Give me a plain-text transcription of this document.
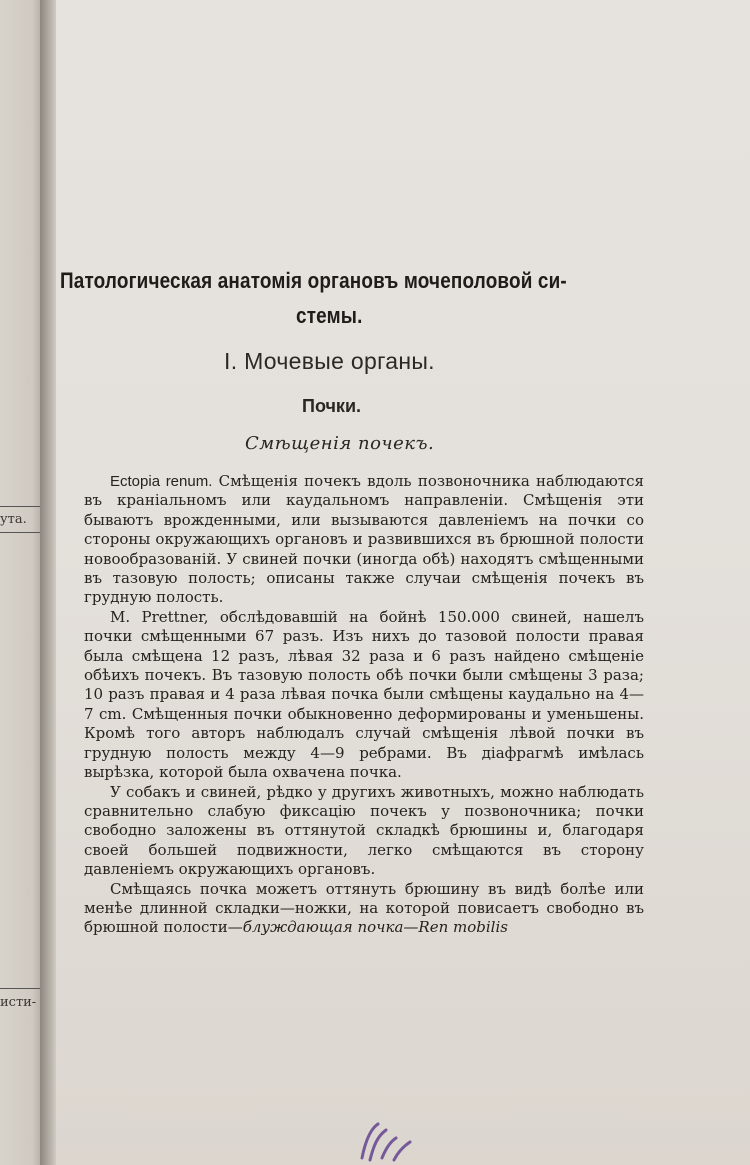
ута.
исти-
Патологическая анатомія органовъ мочеполовой си-
стемы.
I. Мочевые органы.
Почки.
Смѣщенія почекъ.

Ectopia renum. Смѣщенія почекъ вдоль позвоночника наблюдаются въ краніальномъ или каудальномъ направленіи. Смѣщенія эти бываютъ врожденными, или вызываются давленіемъ на почки со стороны окружающихъ органовъ и развившихся въ брюшной полости новообразованій. У свиней почки (иногда обѣ) находятъ смѣщенными въ тазовую полость; описаны также случаи смѣщенія почекъ въ грудную полость.

M. Prettner, обслѣдовавшій на бойнѣ 150.000 свиней, нашелъ почки смѣщенными 67 разъ. Изъ нихъ до тазовой полости правая была смѣщена 12 разъ, лѣвая 32 раза и 6 разъ найдено смѣщеніе обѣихъ почекъ. Въ тазовую полость обѣ почки были смѣщены 3 раза; 10 разъ правая и 4 раза лѣвая почка были смѣщены каудально на 4—7 cm. Смѣщенныя почки обыкновенно деформированы и уменьшены. Кромѣ того авторъ наблюдалъ случай смѣщенія лѣвой почки въ грудную полость между 4—9 ребрами. Въ діафрагмѣ имѣлась вырѣзка, которой была охвачена почка.

У собакъ и свиней, рѣдко у другихъ животныхъ, можно наблюдать сравнительно слабую фиксацію почекъ у позвоночника; почки свободно заложены въ оттянутой складкѣ брюшины и, благодаря своей большей подвижности, легко смѣщаются въ сторону давленіемъ окружающихъ органовъ.

Смѣщаясь почка можетъ оттянуть брюшину въ видѣ болѣе или менѣе длинной складки—ножки, на которой повисаетъ свободно въ брюшной полости—блуждающая почка—Ren mobilis
